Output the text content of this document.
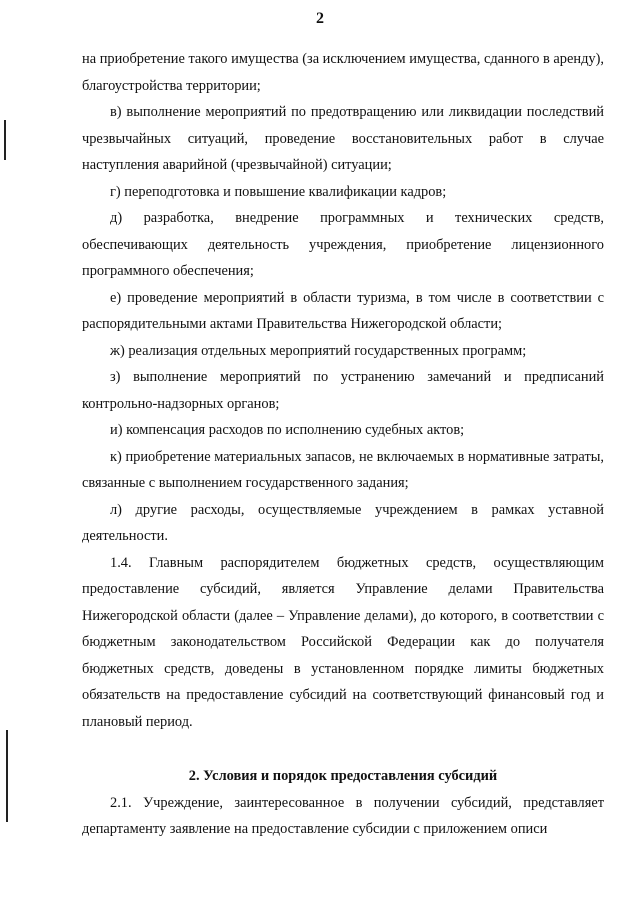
2

на приобретение такого имущества (за исключением имущества, сданного в аренду), благоустройства территории;

в) выполнение мероприятий по предотвращению или ликвидации последствий чрезвычайных ситуаций, проведение восстановительных работ в случае наступления аварийной (чрезвычайной) ситуации;

г) переподготовка и повышение квалификации кадров;

д) разработка, внедрение программных и технических средств, обеспечивающих деятельность учреждения, приобретение лицензионного программного обеспечения;

е) проведение мероприятий в области туризма, в том числе в соответствии с распорядительными актами Правительства Нижегородской области;

ж) реализация отдельных мероприятий государственных программ;

з) выполнение мероприятий по устранению замечаний и предписаний контрольно-надзорных органов;

и) компенсация расходов по исполнению судебных актов;

к) приобретение материальных запасов, не включаемых в нормативные затраты, связанные с выполнением государственного задания;

л) другие расходы, осуществляемые учреждением в рамках уставной деятельности.

1.4. Главным распорядителем бюджетных средств, осуществляющим предоставление субсидий, является Управление делами Правительства Нижегородской области (далее – Управление делами), до которого, в соответствии с бюджетным законодательством Российской Федерации как до получателя бюджетных средств, доведены в установленном порядке лимиты бюджетных обязательств на предоставление субсидий на соответствующий финансовый год и плановый период.

2. Условия и порядок предоставления субсидий

2.1. Учреждение, заинтересованное в получении субсидий, представляет департаменту заявление на предоставление субсидии с приложением описи
